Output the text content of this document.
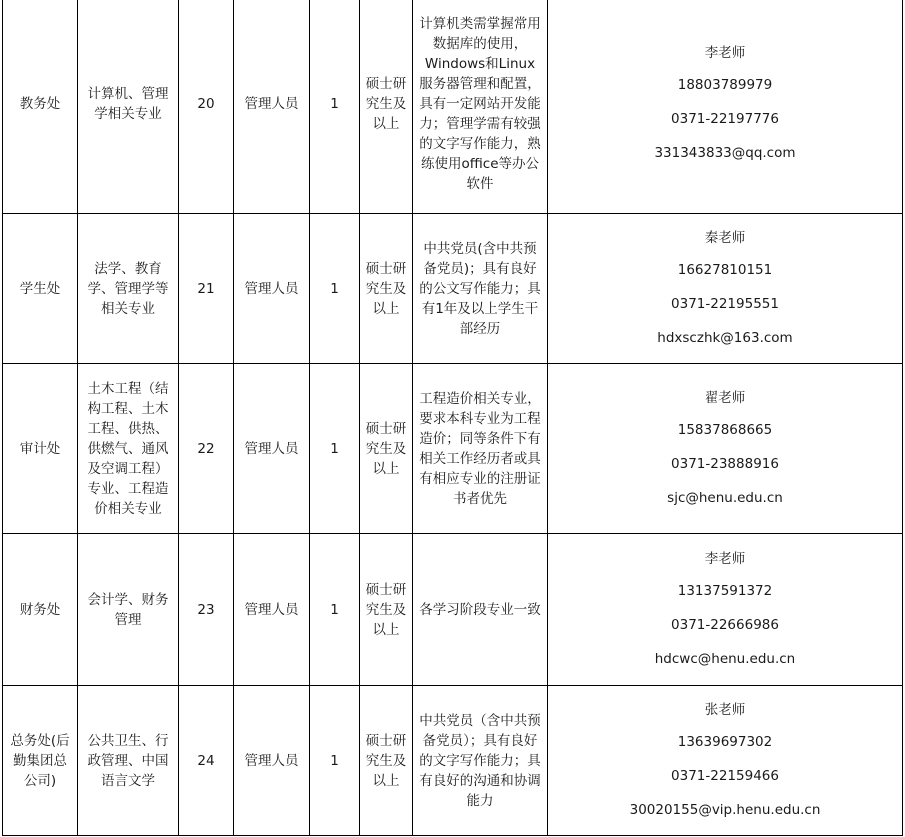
教务处	计算机、管理学相关专业	20	管理人员	1	硕士研究生及以上	计算机类需掌握常用数据库的使用，Windows和Linux服务器管理和配置，具有一定网站开发能力；管理学需有较强的文字写作能力，熟练使用office等办公软件	李老师
18803789979
0371-22197776
331343833@qq.com

学生处	法学、教育学、管理学等相关专业	21	管理人员	1	硕士研究生及以上	中共党员(含中共预备党员)；具有良好的公文写作能力；具有1年及以上学生干部经历	秦老师
16627810151
0371-22195551
hdxsczhk@163.com

审计处	土木工程（结构工程、土木工程、供热、供燃气、通风及空调工程）专业、工程造价相关专业	22	管理人员	1	硕士研究生及以上	工程造价相关专业，要求本科专业为工程造价；同等条件下有相关工作经历者或具有相应专业的注册证书者优先	翟老师
15837868665
0371-23888916
sjc@henu.edu.cn

财务处	会计学、财务管理	23	管理人员	1	硕士研究生及以上	各学习阶段专业一致	李老师
13137591372
0371-22666986
hdcwc@henu.edu.cn

总务处(后勤集团总公司)	公共卫生、行政管理、中国语言文学	24	管理人员	1	硕士研究生及以上	中共党员（含中共预备党员）；具有良好的文字写作能力；具有良好的沟通和协调能力	张老师
13639697302
0371-22159466
30020155@vip.henu.edu.cn
